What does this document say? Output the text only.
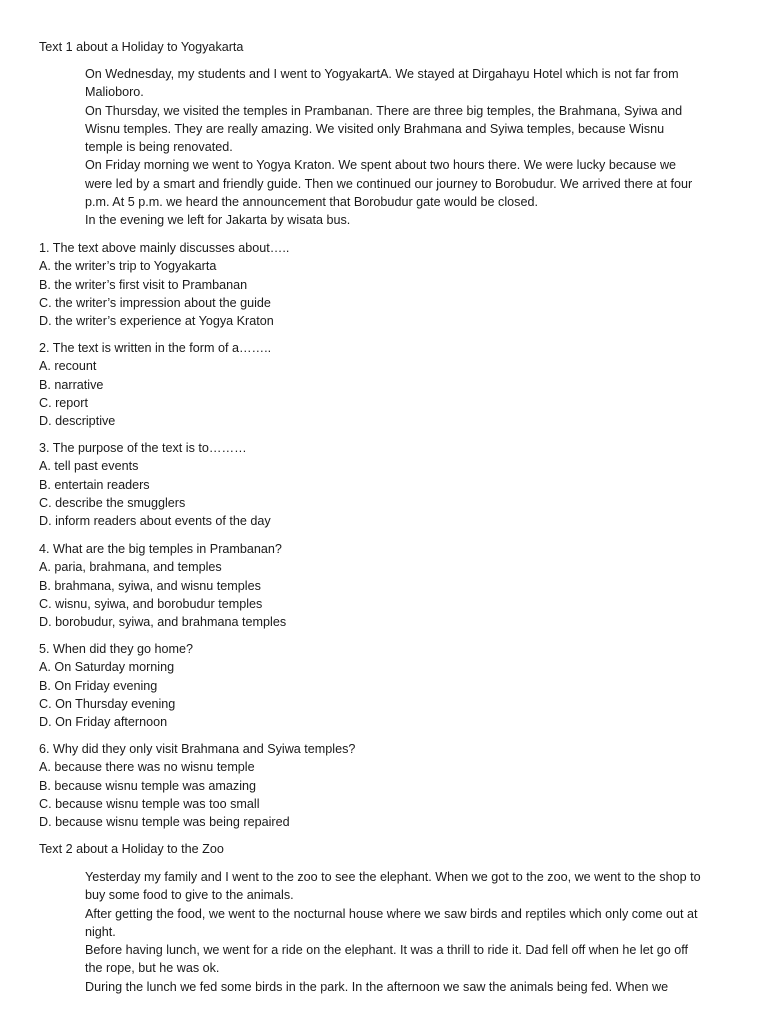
Text 1 about a Holiday to Yogyakarta

On Wednesday, my students and I went to YogyakartA. We stayed at Dirgahayu Hotel which is not far from Malioboro.

On Thursday, we visited the temples in Prambanan. There are three big temples, the Brahmana, Syiwa and Wisnu temples. They are really amazing. We visited only Brahmana and Syiwa temples, because Wisnu temple is being renovated.

On Friday morning we went to Yogya Kraton. We spent about two hours there. We were lucky because we were led by a smart and friendly guide. Then we continued our journey to Borobudur. We arrived there at four p.m. At 5 p.m. we heard the announcement that Borobudur gate would be closed.

In the evening we left for Jakarta by wisata bus.

1. The text above mainly discusses about…..
A. the writer’s trip to Yogyakarta
B. the writer’s first visit to Prambanan
C. the writer’s impression about the guide
D. the writer’s experience at Yogya Kraton
2. The text is written in the form of a……..
A. recount
B. narrative
C. report
D. descriptive
3. The purpose of the text is to………
A. tell past events
B. entertain readers
C. describe the smugglers
D. inform readers about events of the day
4. What are the big temples in Prambanan?
A. paria, brahmana, and temples
B. brahmana, syiwa, and wisnu temples
C. wisnu, syiwa, and borobudur temples
D. borobudur, syiwa, and brahmana temples
5. When did they go home?
A. On Saturday morning
B. On Friday evening
C. On Thursday evening
D. On Friday afternoon
6. Why did they only visit Brahmana and Syiwa temples?
A. because there was no wisnu temple
B. because wisnu temple was amazing
C. because wisnu temple was too small
D. because wisnu temple was being repaired
Text 2 about a Holiday to the Zoo

Yesterday my family and I went to the zoo to see the elephant. When we got to the zoo, we went to the shop to buy some food to give to the animals.

After getting the food, we went to the nocturnal house where we saw birds and reptiles which only come out at night.

Before having lunch, we went for a ride on the elephant. It was a thrill to ride it. Dad fell off when he let go off the rope, but he was ok.

During the lunch we fed some birds in the park. In the afternoon we saw the animals being fed. When we
